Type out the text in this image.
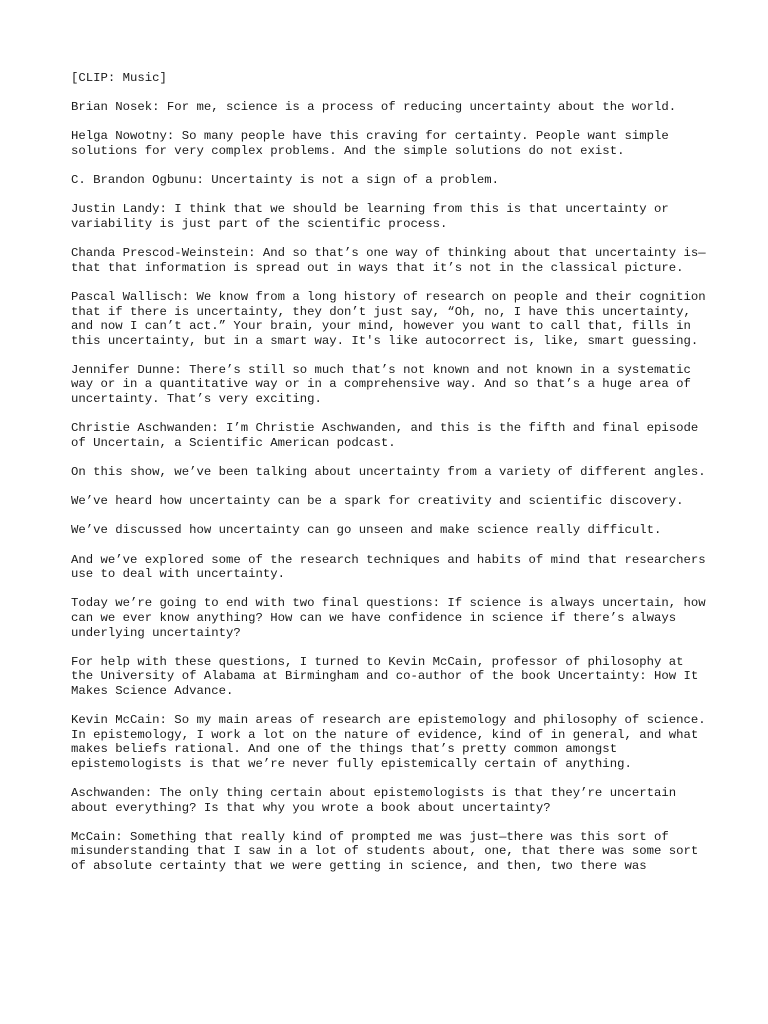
[CLIP: Music]

Brian Nosek: For me, science is a process of reducing uncertainty about the world.

Helga Nowotny: So many people have this craving for certainty. People want simple solutions for very complex problems. And the simple solutions do not exist.

C. Brandon Ogbunu: Uncertainty is not a sign of a problem.

Justin Landy: I think that we should be learning from this is that uncertainty or variability is just part of the scientific process.

Chanda Prescod-Weinstein: And so that’s one way of thinking about that uncertainty is—that that information is spread out in ways that it’s not in the classical picture.

Pascal Wallisch: We know from a long history of research on people and their cognition that if there is uncertainty, they don’t just say, “Oh, no, I have this uncertainty, and now I can’t act.” Your brain, your mind, however you want to call that, fills in this uncertainty, but in a smart way. It's like autocorrect is, like, smart guessing.

Jennifer Dunne: There’s still so much that’s not known and not known in a systematic way or in a quantitative way or in a comprehensive way. And so that’s a huge area of uncertainty. That’s very exciting.

Christie Aschwanden: I’m Christie Aschwanden, and this is the fifth and final episode of Uncertain, a Scientific American podcast.

On this show, we’ve been talking about uncertainty from a variety of different angles.

We’ve heard how uncertainty can be a spark for creativity and scientific discovery.

We’ve discussed how uncertainty can go unseen and make science really difficult.

And we’ve explored some of the research techniques and habits of mind that researchers use to deal with uncertainty.

Today we’re going to end with two final questions: If science is always uncertain, how can we ever know anything? How can we have confidence in science if there’s always underlying uncertainty?

For help with these questions, I turned to Kevin McCain, professor of philosophy at the University of Alabama at Birmingham and co-author of the book Uncertainty: How It Makes Science Advance.

Kevin McCain: So my main areas of research are epistemology and philosophy of science. In epistemology, I work a lot on the nature of evidence, kind of in general, and what makes beliefs rational. And one of the things that’s pretty common amongst epistemologists is that we’re never fully epistemically certain of anything.

Aschwanden: The only thing certain about epistemologists is that they’re uncertain about everything? Is that why you wrote a book about uncertainty?

McCain: Something that really kind of prompted me was just—there was this sort of misunderstanding that I saw in a lot of students about, one, that there was some sort of absolute certainty that we were getting in science, and then, two there was
